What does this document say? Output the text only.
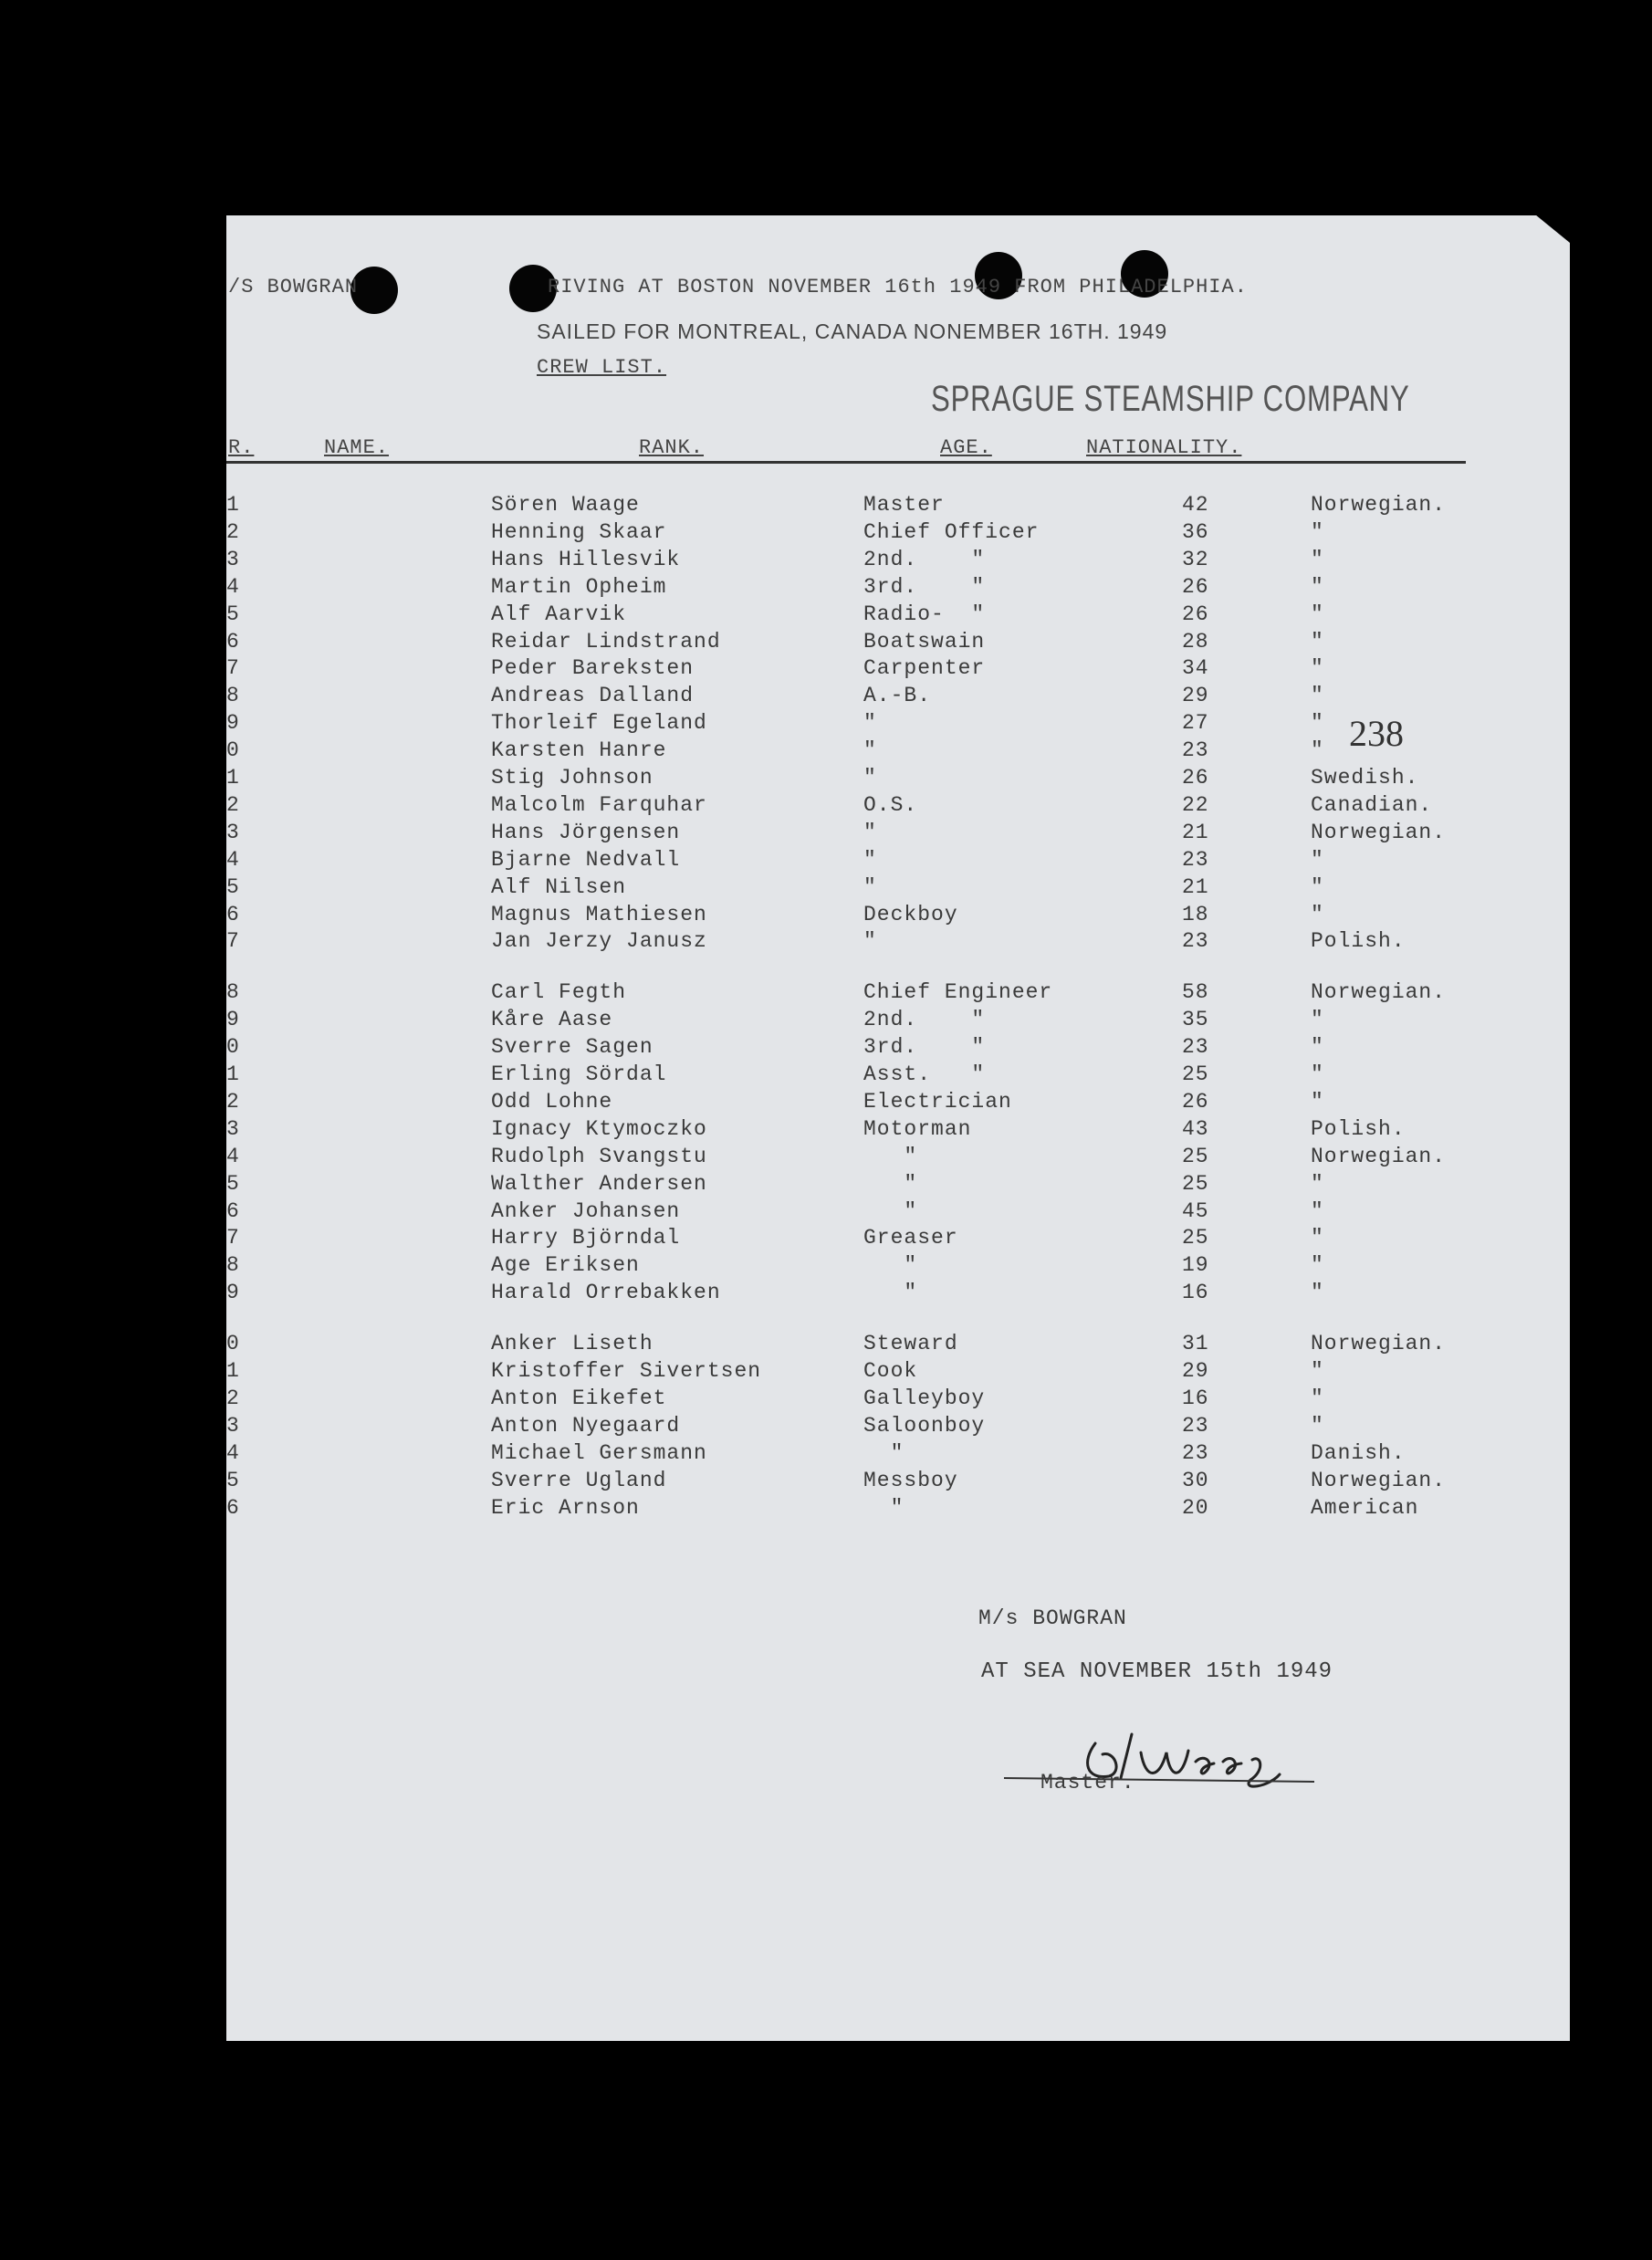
/S BOWGRAN	RIVING AT BOSTON NOVEMBER 16th 1949 FROM PHILADELPHIA.
SAILED FOR MONTREAL, CANADA NONEMBER 16TH. 1949
CREW LIST.
SPRAGUE STEAMSHIP COMPANY
238
R.	NAME.	RANK.	AGE.	NATIONALITY.
1	Sören Waage	Master	42	Norwegian.
2	Henning Skaar	Chief Officer	36	"
3	Hans Hillesvik	2nd.    "	32	"
4	Martin Opheim	3rd.    "	26	"
5	Alf Aarvik	Radio-  "	26	"
6	Reidar Lindstrand	Boatswain	28	"
7	Peder Bareksten	Carpenter	34	"
8	Andreas Dalland	A.-B.	29	"
9	Thorleif Egeland	"	27	"
0	Karsten Hanre	"	23	"
1	Stig Johnson	"	26	Swedish.
2	Malcolm Farquhar	O.S.	22	Canadian.
3	Hans Jörgensen	"	21	Norwegian.
4	Bjarne Nedvall	"	23	"
5	Alf Nilsen	"	21	"
6	Magnus Mathiesen	Deckboy	18	"
7	Jan Jerzy Janusz	"	23	Polish.
8	Carl Fegth	Chief Engineer	58	Norwegian.
9	Kåre Aase	2nd.    "	35	"
0	Sverre Sagen	3rd.    "	23	"
1	Erling Sördal	Asst.   "	25	"
2	Odd Lohne	Electrician	26	"
3	Ignacy Ktymoczko	Motorman	43	Polish.
4	Rudolph Svangstu	"	25	Norwegian.
5	Walther Andersen	"	25	"
6	Anker Johansen	"	45	"
7	Harry Björndal	Greaser	25	"
8	Age Eriksen	"	19	"
9	Harald Orrebakken	"	16	"
0	Anker Liseth	Steward	31	Norwegian.
1	Kristoffer Sivertsen	Cook	29	"
2	Anton Eikefet	Galleyboy	16	"
3	Anton Nyegaard	Saloonboy	23	"
4	Michael Gersmann	"	23	Danish.
5	Sverre Ugland	Messboy	30	Norwegian.
6	Eric Arnson	"	20	American
M/s BOWGRAN
AT SEA NOVEMBER 15th 1949
Master.
